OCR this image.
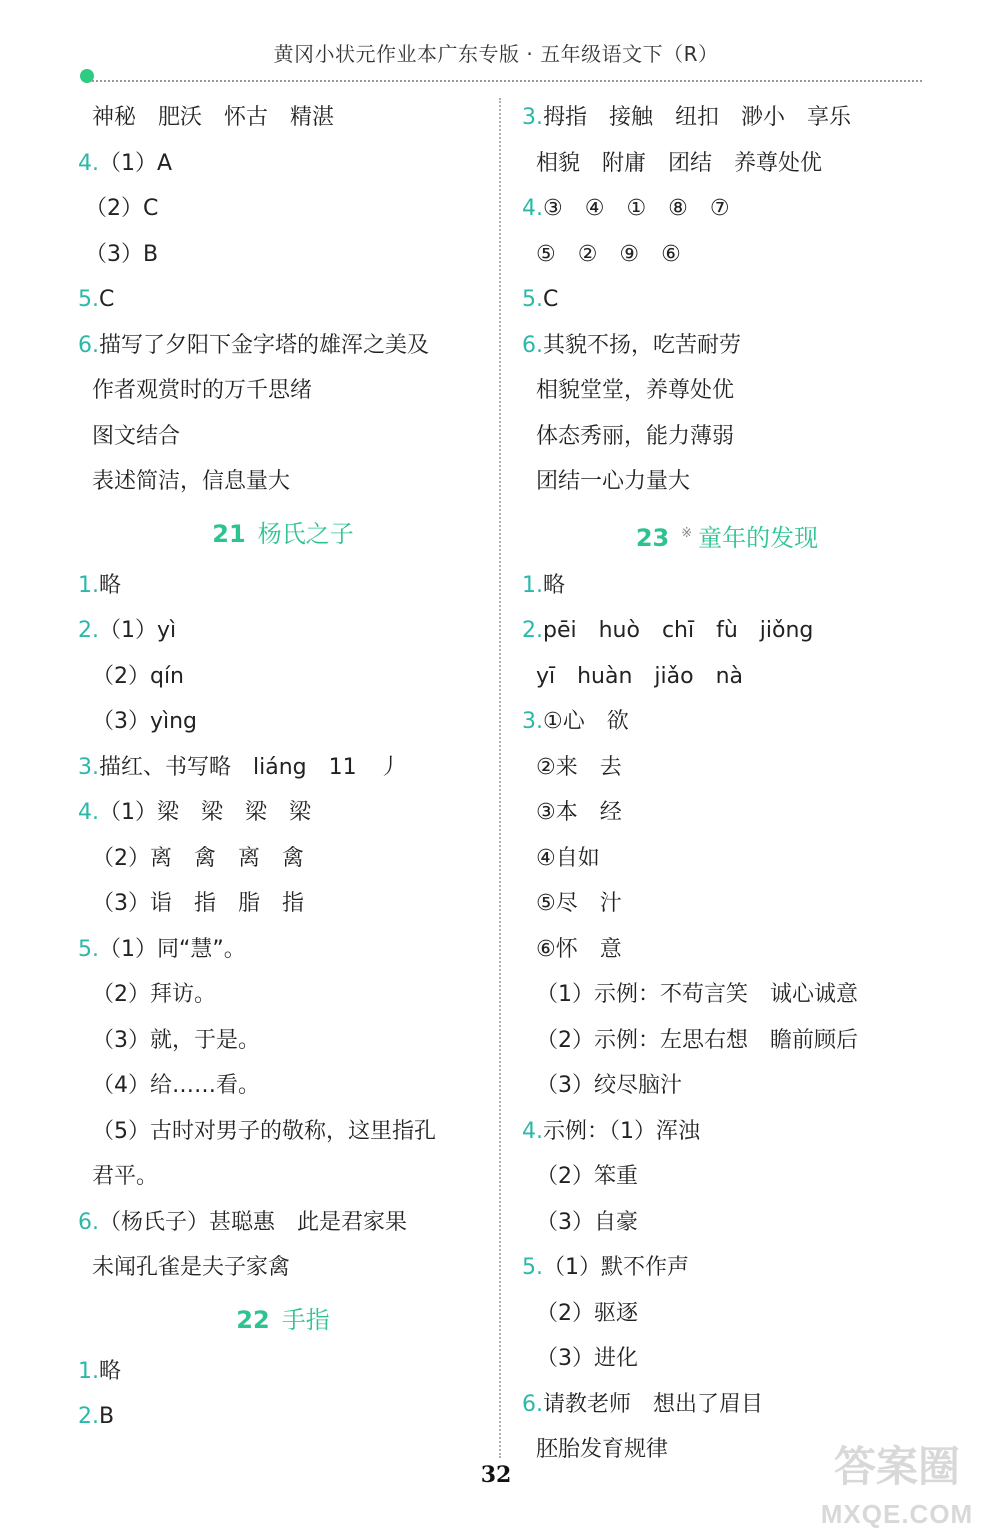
黄冈小状元作业本广东专版 · 五年级语文下（R）
神秘　肥沃　怀古　精湛
4.（1）A
（2）C
（3）B
5.C
6.描写了夕阳下金字塔的雄浑之美及
作者观赏时的万千思绪
图文结合
表述简洁，信息量大
21 杨氏之子
1.略
2.（1）yì
（2）qín
（3）yìng
3.描红、书写略　liáng　11　丿
4.（1）梁　梁　梁　梁
（2）离　禽　离　禽
（3）诣　指　脂　指
5.（1）同“慧”。
（2）拜访。
（3）就，于是。
（4）给……看。
（5）古时对男子的敬称，这里指孔
君平。
6.（杨氏子）甚聪惠　此是君家果
未闻孔雀是夫子家禽
22 手指
1.略
2.B
3.拇指　接触　纽扣　渺小　享乐
相貌　附庸　团结　养尊处优
4.③　④　①　⑧　⑦
⑤　②　⑨　⑥
5.C
6.其貌不扬，吃苦耐劳
相貌堂堂，养尊处优
体态秀丽，能力薄弱
团结一心力量大
23 ※ 童年的发现
1.略
2.pēi　huò　chī　fù　jiǒng
yī　huàn　jiǎo　nà
3.①心　欲
②来　去
③本　经
④自如
⑤尽　汁
⑥怀　意
（1）示例：不苟言笑　诚心诚意
（2）示例：左思右想　瞻前顾后
（3）绞尽脑汁
4.示例：（1）浑浊
（2）笨重
（3）自豪
5.（1）默不作声
（2）驱逐
（3）进化
6.请教老师　想出了眉目
胚胎发育规律
32	答案圈
MXQE.COM
